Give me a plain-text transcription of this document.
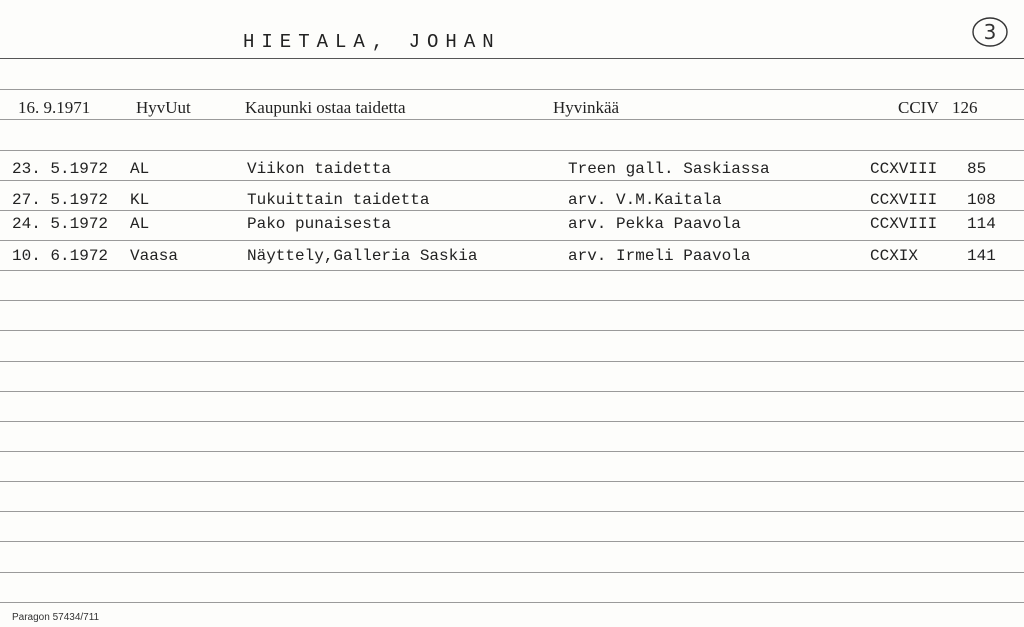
HIETALA, JOHAN	3
16. 9.1971	HyvUut	Kaupunki ostaa taidetta	Hyvinkää	CCIV 126
23. 5.1972 AL	Viikon taidetta	Treen gall. Saskiassa	CCXVIII 85
27. 5.1972 KL	Tukuittain taidetta	arv. V.M.Kaitala	CCXVIII 108
24. 5.1972 AL	Pako punaisesta	arv. Pekka Paavola	CCXVIII 114
10. 6.1972 Vaasa	Näyttely,Galleria Saskia	arv. Irmeli Paavola	CCXIX	141
Paragon 57434/711
